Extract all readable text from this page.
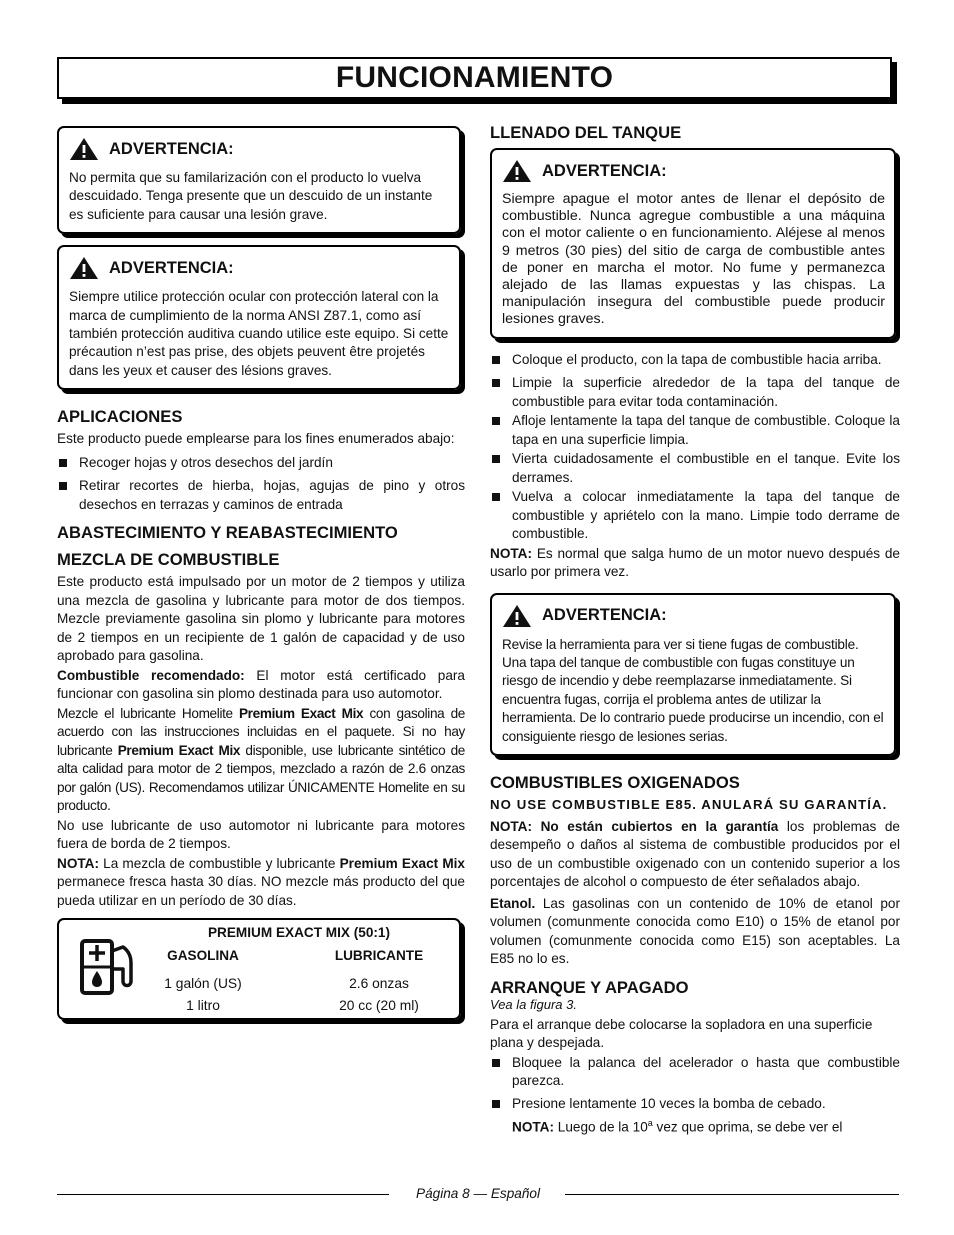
FUNCIONAMIENTO
ADVERTENCIA:

No permita que su familarización con el producto lo vuelva descuidado. Tenga presente que un descuido de un instante es suficiente para causar una lesión grave.

ADVERTENCIA:

Siempre utilice protección ocular con protección lateral con la marca de cumplimiento de la norma ANSI Z87.1, como así también protección auditiva cuando utilice este equipo. Si cette précaution n’est pas prise, des objets peuvent être projetés dans les yeux et causer des lésions graves.

APLICACIONES

Este producto puede emplearse para los fines enumerados abajo:

Recoger hojas y otros desechos del jardín
Retirar recortes de hierba, hojas, agujas de pino y otros desechos en terrazas y caminos de entrada
ABASTECIMIENTO Y REABASTECIMIENTO
MEZCLA DE COMBUSTIBLE

Este producto está impulsado por un motor de 2 tiempos y utiliza una mezcla de gasolina y lubricante para motor de dos tiempos. Mezcle previamente gasolina sin plomo y lubricante para motores de 2 tiempos en un recipiente de 1 galón de capacidad y de uso aprobado para gasolina.

Combustible recomendado: El motor está certificado para funcionar con gasolina sin plomo destinada para uso automotor.

Mezcle el lubricante Homelite Premium Exact Mix con gasolina de acuerdo con las instrucciones incluidas en el paquete. Si no hay lubricante Premium Exact Mix disponible, use lubricante sintético de alta calidad para motor de 2 tiempos, mezclado a razón de 2.6 onzas por galón (US). Recomendamos utilizar ÚNICAMENTE Homelite en su producto.

No use lubricante de uso automotor ni lubricante para motores fuera de borda de 2 tiempos.

NOTA: La mezcla de combustible y lubricante Premium Exact Mix permanece fresca hasta 30 días. NO mezcle más producto del que pueda utilizar en un período de 30 días.

PREMIUM EXACT MIX (50:1)
GASOLINA	LUBRICANTE
1 galón (US)
1 litro
2.6 onzas
20 cc (20 ml)
LLENADO DEL TANQUE
ADVERTENCIA:

Siempre apague el motor antes de llenar el depósito de combustible. Nunca agregue combustible a una máquina con el motor caliente o en funcionamiento. Aléjese al menos 9 metros (30 pies) del sitio de carga de combustible antes de poner en marcha el motor. No fume y permanezca alejado de las llamas expuestas y las chispas. La manipulación insegura del combustible puede producir lesiones graves.

Coloque el producto, con la tapa de combustible hacia arriba.
Limpie la superficie alrededor de la tapa del tanque de combustible para evitar toda contaminación.
Afloje lentamente la tapa del tanque de combustible. Coloque la tapa en una superficie limpia.
Vierta cuidadosamente el combustible en el tanque. Evite los derrames.
Vuelva a colocar inmediatamente la tapa del tanque de combustible y apriételo con la mano. Limpie todo derrame de combustible.

NOTA: Es normal que salga humo de un motor nuevo después de usarlo por primera vez.

ADVERTENCIA:

Revise la herramienta para ver si tiene fugas de combustible. Una tapa del tanque de combustible con fugas constituye un riesgo de incendio y debe reemplazarse inmediatamente. Si encuentra fugas, corrija el problema antes de utilizar la herramienta. De lo contrario puede producirse un incendio, con el consiguiente riesgo de lesiones serias.

COMBUSTIBLES OXIGENADOS

NO USE COMBUSTIBLE E85. ANULARÁ SU GARANTÍA.

NOTA: No están cubiertos en la garantía los problemas de desempeño o daños al sistema de combustible producidos por el uso de un combustible oxigenado con un contenido superior a los porcentajes de alcohol o compuesto de éter señalados abajo.

Etanol. Las gasolinas con un contenido de 10% de etanol por volumen (comunmente conocida como E10) o 15% de etanol por volumen (comunmente conocida como E15) son aceptables. La E85 no lo es.

ARRANQUE Y APAGADO

Vea la figura 3.

Para el arranque debe colocarse la sopladora en una superficie plana y despejada.

Bloquee la palanca del acelerador o hasta que combustible parezca.
Presione lentamente 10 veces la bomba de cebado.

NOTA: Luego de la 10$^a$ vez que oprima, se debe ver el

Página 8 — Español
